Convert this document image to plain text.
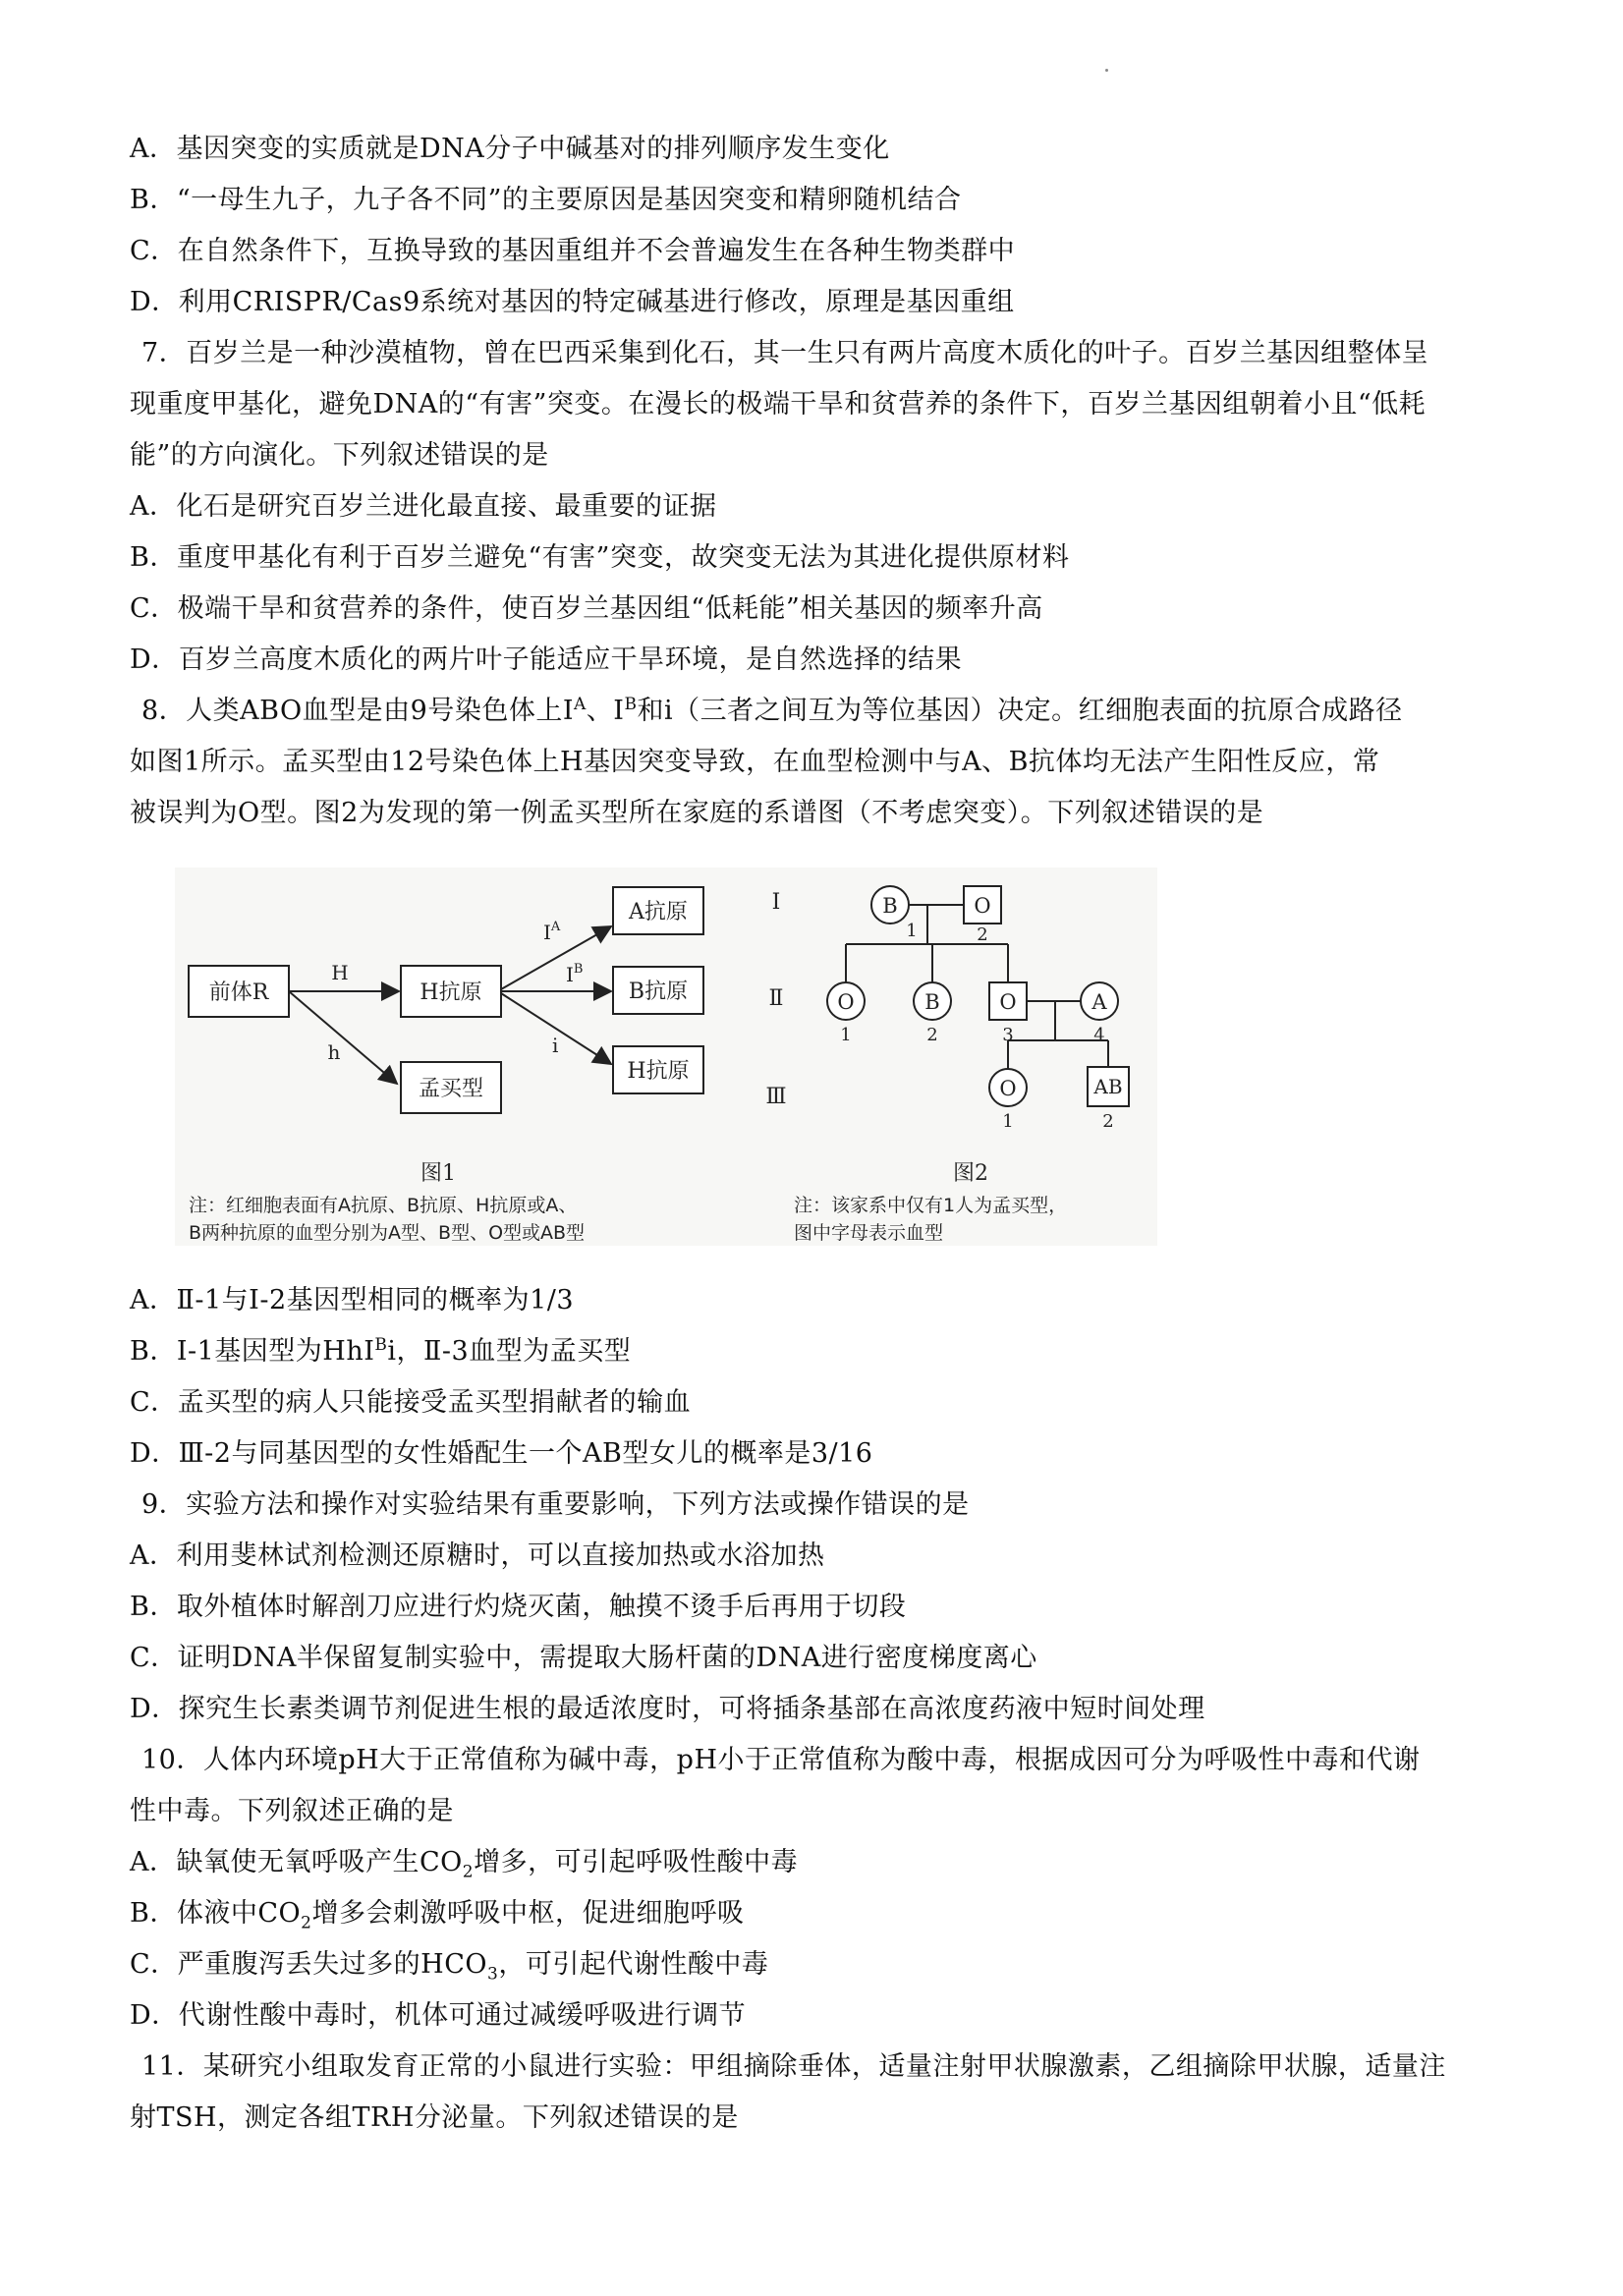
A．基因突变的实质就是DNA分子中碱基对的排列顺序发生变化
B．“一母生九子，九子各不同”的主要原因是基因突变和精卵随机结合
C．在自然条件下，互换导致的基因重组并不会普遍发生在各种生物类群中
D．利用CRISPR/Cas9系统对基因的特定碱基进行修改，原理是基因重组
7．百岁兰是一种沙漠植物，曾在巴西采集到化石，其一生只有两片高度木质化的叶子。百岁兰基因组整体呈
现重度甲基化，避免DNA的“有害”突变。在漫长的极端干旱和贫营养的条件下，百岁兰基因组朝着小且“低耗
能”的方向演化。下列叙述错误的是
A．化石是研究百岁兰进化最直接、最重要的证据
B．重度甲基化有利于百岁兰避免“有害”突变，故突变无法为其进化提供原材料
C．极端干旱和贫营养的条件，使百岁兰基因组“低耗能”相关基因的频率升高
D．百岁兰高度木质化的两片叶子能适应干旱环境，是自然选择的结果
8．人类ABO血型是由9号染色体上$I^A$、$I^B$和i（三者之间互为等位基因）决定。红细胞表面的抗原合成路径
如图1所示。孟买型由12号染色体上H基因突变导致，在血型检测中与A、B抗体均无法产生阳性反应，常
被误判为O型。图2为发现的第一例孟买型所在家庭的系谱图（不考虑突变）。下列叙述错误的是
前体R
H
h
H抗原
孟买型
$I^A$
$I^B$
i
A抗原
B抗原
H抗原
图1
注：红细胞表面有A抗原、B抗原、H抗原或A、
B两种抗原的血型分别为A型、B型、O型或AB型
I
Ⅱ
Ⅲ
B
1
O
2
O
1
B
2
O
3
A
4
O
1
AB
2
图2
注：该家系中仅有1人为孟买型，
图中字母表示血型
A．Ⅱ-1与I-2基因型相同的概率为1/3
B．I-1基因型为HhI$^B$i，Ⅱ-3血型为孟买型
C．孟买型的病人只能接受孟买型捐献者的输血
D．Ⅲ-2与同基因型的女性婚配生一个AB型女儿的概率是3/16
9．实验方法和操作对实验结果有重要影响，下列方法或操作错误的是
A．利用斐林试剂检测还原糖时，可以直接加热或水浴加热
B．取外植体时解剖刀应进行灼烧灭菌，触摸不烫手后再用于切段
C．证明DNA半保留复制实验中，需提取大肠杆菌的DNA进行密度梯度离心
D．探究生长素类调节剂促进生根的最适浓度时，可将插条基部在高浓度药液中短时间处理
10．人体内环境pH大于正常值称为碱中毒，pH小于正常值称为酸中毒，根据成因可分为呼吸性中毒和代谢
性中毒。下列叙述正确的是
A．缺氧使无氧呼吸产生$CO_2$增多，可引起呼吸性酸中毒
B．体液中$CO_2$增多会刺激呼吸中枢，促进细胞呼吸
C．严重腹泻丢失过多的$HCO_3$，可引起代谢性酸中毒
D．代谢性酸中毒时，机体可通过减缓呼吸进行调节
11．某研究小组取发育正常的小鼠进行实验：甲组摘除垂体，适量注射甲状腺激素，乙组摘除甲状腺，适量注
射TSH，测定各组TRH分泌量。下列叙述错误的是
